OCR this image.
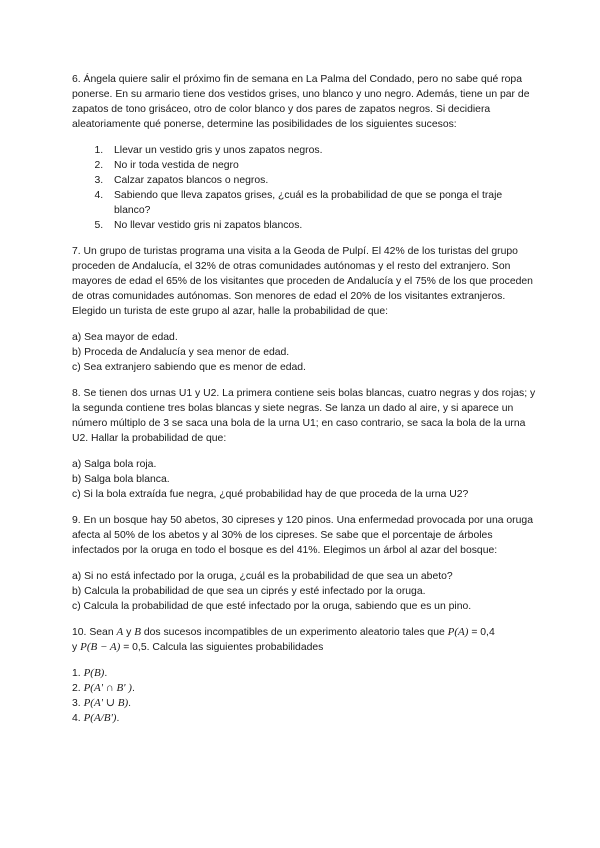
6. Ángela quiere salir el próximo fin de semana en La Palma del Condado, pero no sabe qué ropa ponerse. En su armario tiene dos vestidos grises, uno blanco y uno negro. Además, tiene un par de zapatos de tono grisáceo, otro de color blanco y dos pares de zapatos negros. Si decidiera aleatoriamente qué ponerse, determine las posibilidades de los siguientes sucesos:

1. Llevar un vestido gris y unos zapatos negros.
2. No ir toda vestida de negro
3. Calzar zapatos blancos o negros.
4. Sabiendo que lleva zapatos grises, ¿cuál es la probabilidad de que se ponga el traje blanco?
5. No llevar vestido gris ni zapatos blancos.

7. Un grupo de turistas programa una visita a la Geoda de Pulpí. El 42% de los turistas del grupo proceden de Andalucía, el 32% de otras comunidades autónomas y el resto del extranjero. Son mayores de edad el 65% de los visitantes que proceden de Andalucía y el 75% de los que proceden de otras comunidades autónomas. Son menores de edad el 20% de los visitantes extranjeros. Elegido un turista de este grupo al azar, halle la probabilidad de que:

a) Sea mayor de edad.
b) Proceda de Andalucía y sea menor de edad.
c) Sea extranjero sabiendo que es menor de edad.

8. Se tienen dos urnas U1 y U2. La primera contiene seis bolas blancas, cuatro negras y dos rojas; y la segunda contiene tres bolas blancas y siete negras. Se lanza un dado al aire, y si aparece un número múltiplo de 3 se saca una bola de la urna U1; en caso contrario, se saca la bola de la urna U2. Hallar la probabilidad de que:

a) Salga bola roja.
b) Salga bola blanca.
c) Si la bola extraída fue negra, ¿qué probabilidad hay de que proceda de la urna U2?

9. En un bosque hay 50 abetos, 30 cipreses y 120 pinos. Una enfermedad provocada por una oruga afecta al 50% de los abetos y al 30% de los cipreses. Se sabe que el porcentaje de árboles infectados por la oruga en todo el bosque es del 41%. Elegimos un árbol al azar del bosque:

a) Si no está infectado por la oruga, ¿cuál es la probabilidad de que sea un abeto?
b) Calcula la probabilidad de que sea un ciprés y esté infectado por la oruga.
c) Calcula la probabilidad de que esté infectado por la oruga, sabiendo que es un pino.

10. Sean A y B dos sucesos incompatibles de un experimento aleatorio tales que P(A) = 0,4
y P(B − A) = 0,5. Calcula las siguientes probabilidades

1. P(B).
2. P(A' ∩ B' ).
3. P(A' ∪ B).
4. P(A/B').
